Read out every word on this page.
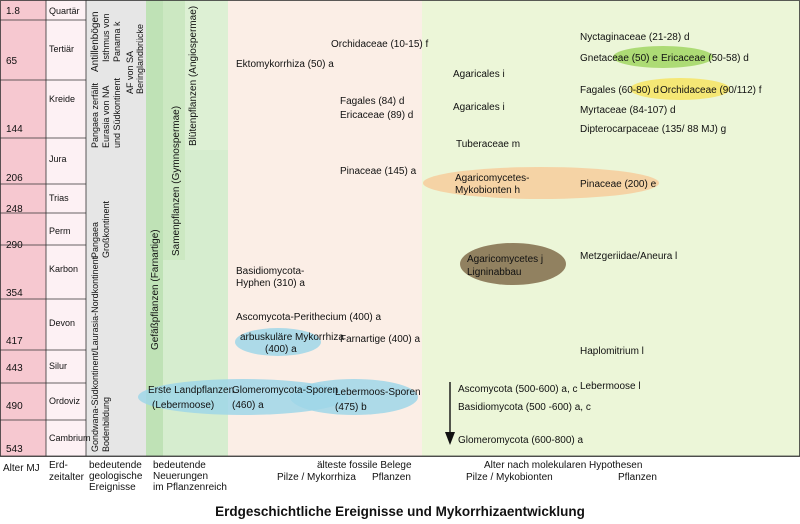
1.8
65
144
206
248
290
354
417
443
490
543
Quartär
Tertiär
Kreide
Jura
Trias
Perm
Karbon
Devon
Silur
Ordoviz
Cambrium
Antillenbögen Isthmus von Panama k
Pangaea zerfällt Eurasia von NA und Südkontinent
AF von SA Beringlandbrücke
Pangaea Großkontinent
Gondwana-Südkontinent/Laurasia-Nordkontinent Bodenbildung
Gefäßpflanzen (Farnartige)
Samenpflanzen (Gymnospermae)
Blütenpflanzen (Angiospermae)	Ektomykorrhiza (50) a
Basidiomycota-
Hyphen (310) a
Ascomycota-Perithecium (400) a
arbuskuläre Mykorrhiza
(400) a
Erste Landpflanzen
(Lebermoose)
Glomeromycota-Sporen
(460) a
Orchidaceae (10-15) f
Fagales (84) d
Ericaceae (89) d
Pinaceae (145) a
Farnartige (400) a
Lebermoos-Sporen
(475) b
Agaricales i
Agaricales i
Tuberaceae m
Agaricomycetes-
Mykobionten h
Agaricomycetes j
Ligninabbau
Ascomycota (500-600) a, c
Basidiomycota (500 -600) a, c
Glomeromycota (600-800) a
Nyctaginaceae (21-28) d
Gnetaceae (50) e Ericaceae (50-58) d
Fagales (60-80) d Orchidaceae (90/112) f
Myrtaceae (84-107) d
Dipterocarpaceae (135/ 88 MJ) g
Pinaceae (200) e
Metzgeriidae/Aneura l
Haplomitrium l
Lebermoose l
Alter MJ Erd-
zeitalter
bedeutende
geologische
Ereignisse
bedeutende
Neuerungen
im Pflanzenreich
älteste fossile Belege
Pilze / Mykorrhiza Pflanzen
Alter nach molekularen Hypothesen
Pilze / Mykobionten	Pflanzen
Erdgeschichtliche Ereignisse und Mykorrhizaentwicklung
